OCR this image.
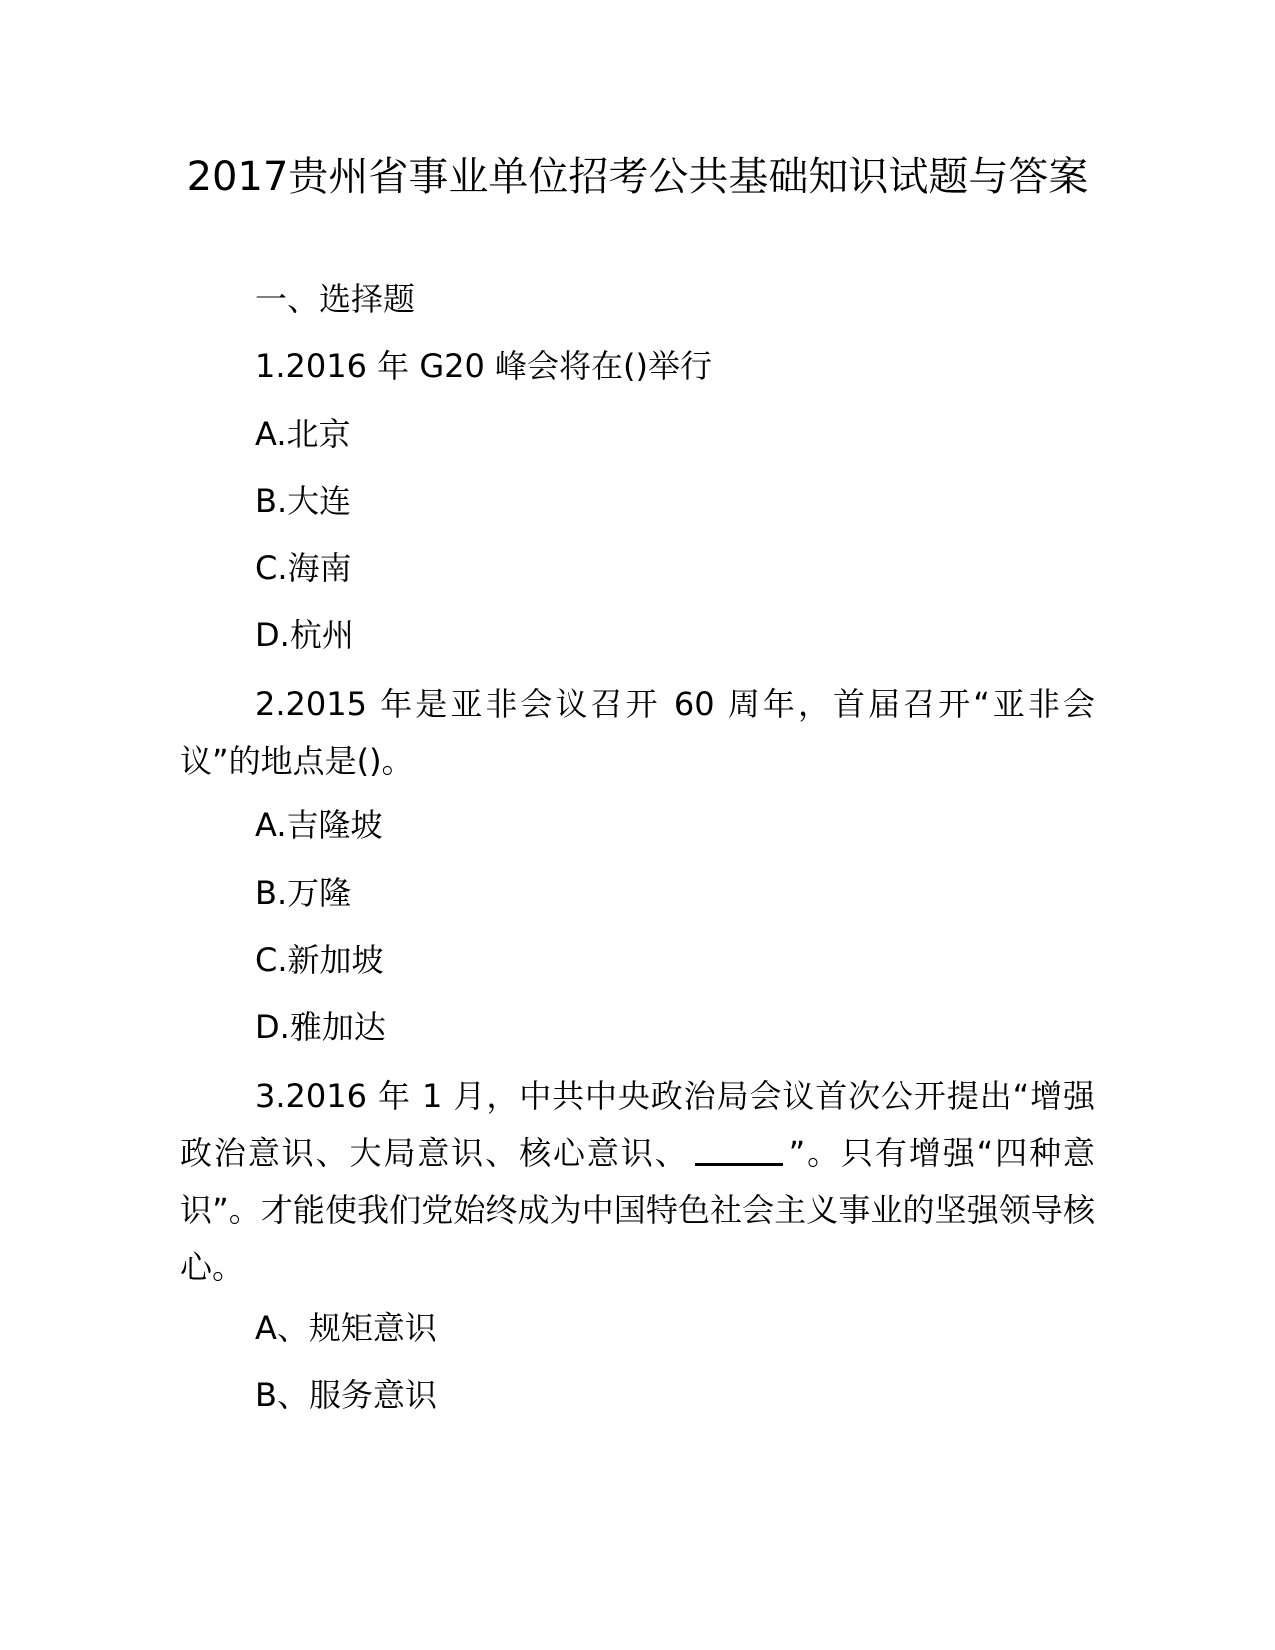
2017贵州省事业单位招考公共基础知识试题与答案

一、选择题

1.2016 年 G20 峰会将在()举行

A.北京

B.大连

C.海南

D.杭州

2.2015 年是亚非会议召开 60 周年，首届召开“亚非会议”的地点是()。

A.吉隆坡

B.万隆

C.新加坡

D.雅加达

3.2016 年 1 月，中共中央政治局会议首次公开提出“增强政治意识、大局意识、核心意识、	”。只有增强“四种意识”。才能使我们党始终成为中国特色社会主义事业的坚强领导核心。

A、规矩意识

B、服务意识
